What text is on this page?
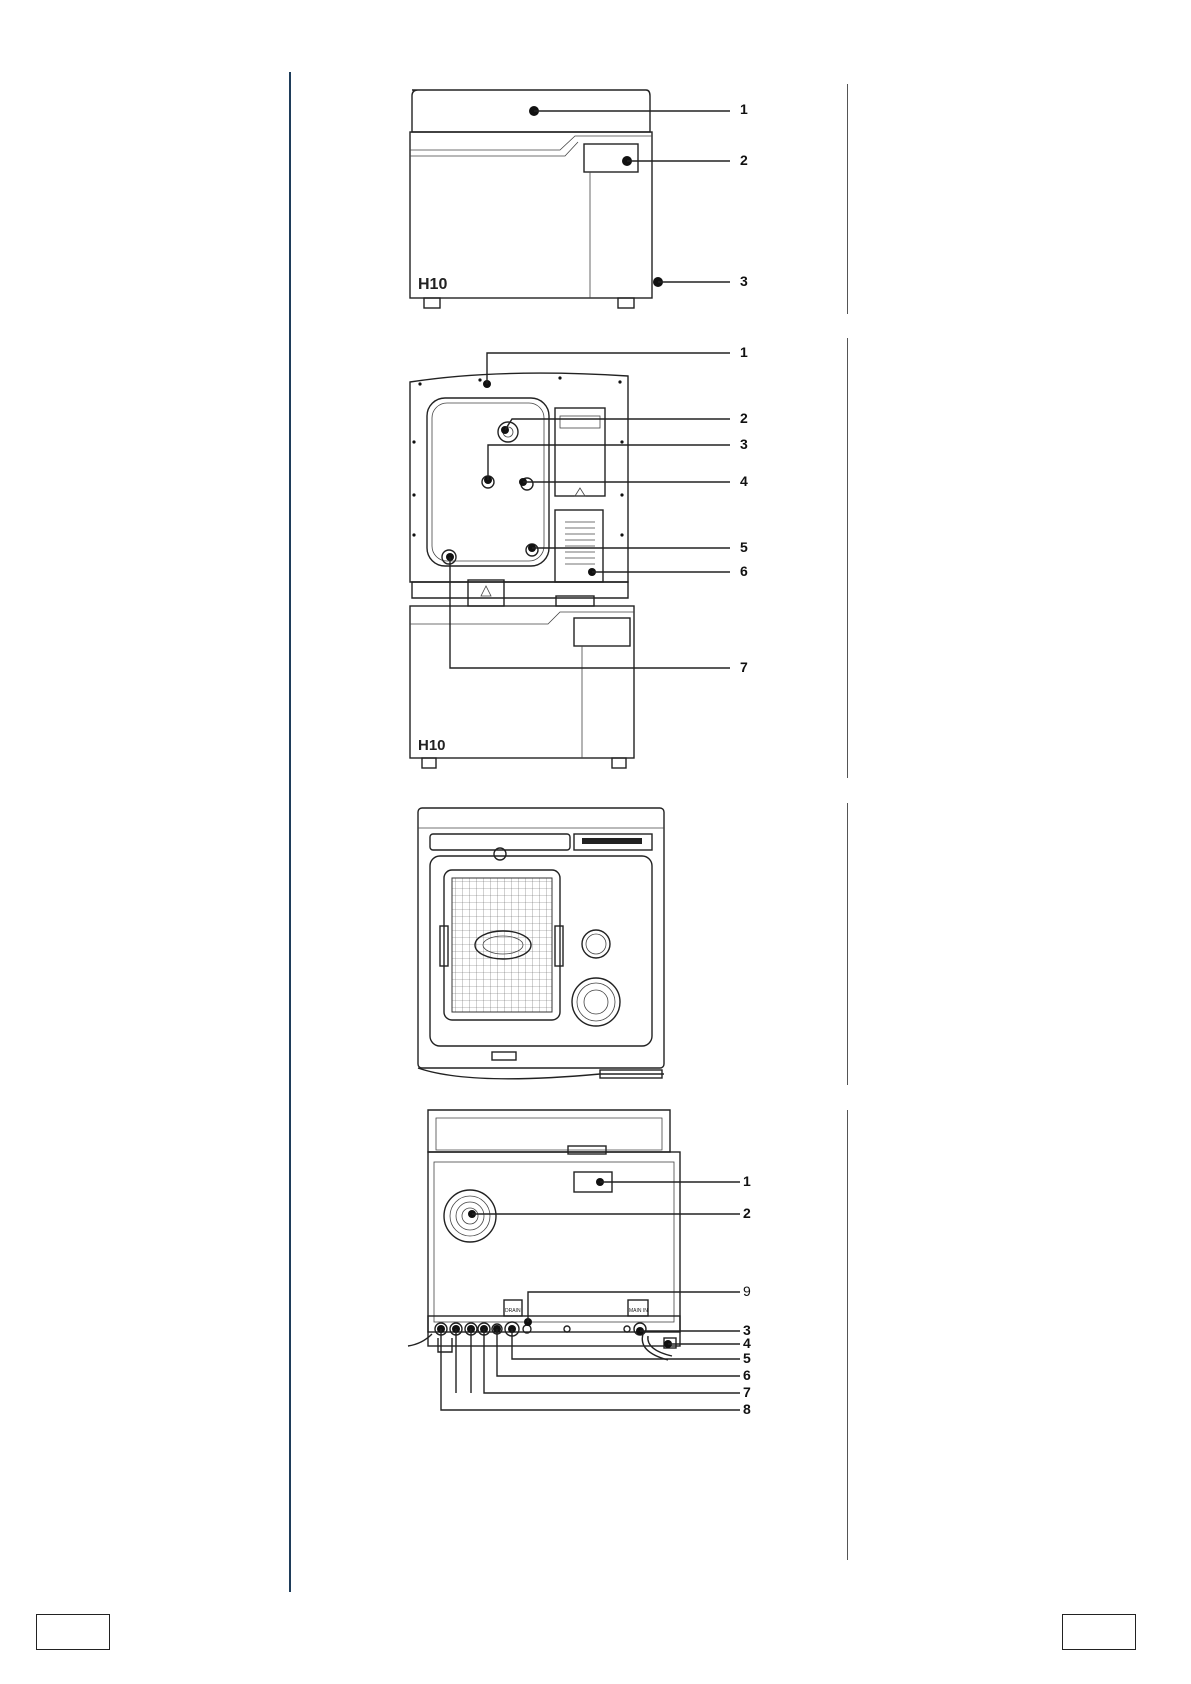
H10
1
2
3
H10
1
2
3
4
5
6
7
DRAIN	MAIN IN
1
2
9
3
4
5
6
7
8
